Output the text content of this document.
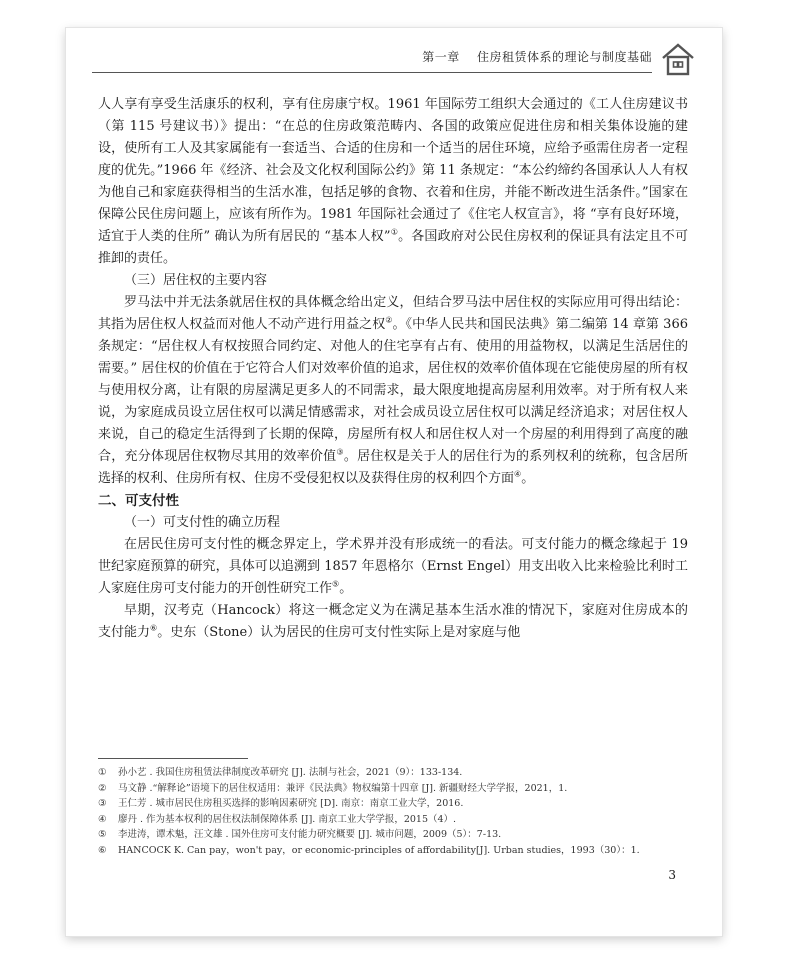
第一章 住房租赁体系的理论与制度基础

人人享有享受生活康乐的权利，享有住房康宁权。1961 年国际劳工组织大会通过的《工人住房建议书（第 115 号建议书）》提出：“在总的住房政策范畴内、各国的政策应促进住房和相关集体设施的建设，使所有工人及其家属能有一套适当、合适的住房和一个适当的居住环境，应给予亟需住房者一定程度的优先。”1966 年《经济、社会及文化权利国际公约》第 11 条规定：“本公约缔约各国承认人人有权为他自己和家庭获得相当的生活水准，包括足够的食物、衣着和住房，并能不断改进生活条件。”国家在保障公民住房问题上，应该有所作为。1981 年国际社会通过了《住宅人权宣言》，将 “享有良好环境，适宜于人类的住所” 确认为所有居民的 “基本人权”①。各国政府对公民住房权利的保证具有法定且不可推卸的责任。

（三）居住权的主要内容

罗马法中并无法条就居住权的具体概念给出定义，但结合罗马法中居住权的实际应用可得出结论：其指为居住权人权益而对他人不动产进行用益之权②。《中华人民共和国民法典》第二编第 14 章第 366 条规定：“居住权人有权按照合同约定、对他人的住宅享有占有、使用的用益物权，以满足生活居住的需要。” 居住权的价值在于它符合人们对效率价值的追求，居住权的效率价值体现在它能使房屋的所有权与使用权分离，让有限的房屋满足更多人的不同需求，最大限度地提高房屋利用效率。对于所有权人来说，为家庭成员设立居住权可以满足情感需求，对社会成员设立居住权可以满足经济追求；对居住权人来说，自己的稳定生活得到了长期的保障，房屋所有权人和居住权人对一个房屋的利用得到了高度的融合，充分体现居住权物尽其用的效率价值③。居住权是关于人的居住行为的系列权利的统称，包含居所选择的权利、住房所有权、住房不受侵犯权以及获得住房的权利四个方面④。

二、可支付性

（一）可支付性的确立历程

在居民住房可支付性的概念界定上，学术界并没有形成统一的看法。可支付能力的概念缘起于 19 世纪家庭预算的研究，具体可以追溯到 1857 年恩格尔（Ernst Engel）用支出收入比来检验比利时工人家庭住房可支付能力的开创性研究工作⑤。

早期，汉考克（Hancock）将这一概念定义为在满足基本生活水准的情况下，家庭对住房成本的支付能力⑥。史东（Stone）认为居民的住房可支付性实际上是对家庭与他

①	孙小艺 . 我国住房租赁法律制度改革研究 [J]. 法制与社会，2021（9）：133-134.
②	马文静 .“解释论”语境下的居住权适用：兼评《民法典》物权编第十四章 [J]. 新疆财经大学学报，2021，1.
③	王仁芳 . 城市居民住房租买选择的影响因素研究 [D]. 南京：南京工业大学，2016.
④	廖丹 . 作为基本权利的居住权法制保障体系 [J]. 南京工业大学学报，2015（4）.
⑤	李进涛，谭术魁，汪文雄 . 国外住房可支付能力研究概要 [J]. 城市问题，2009（5）：7-13.
⑥	HANCOCK K. Can pay，won't pay，or economic-principles of affordability[J]. Urban studies，1993（30）：1.
3
